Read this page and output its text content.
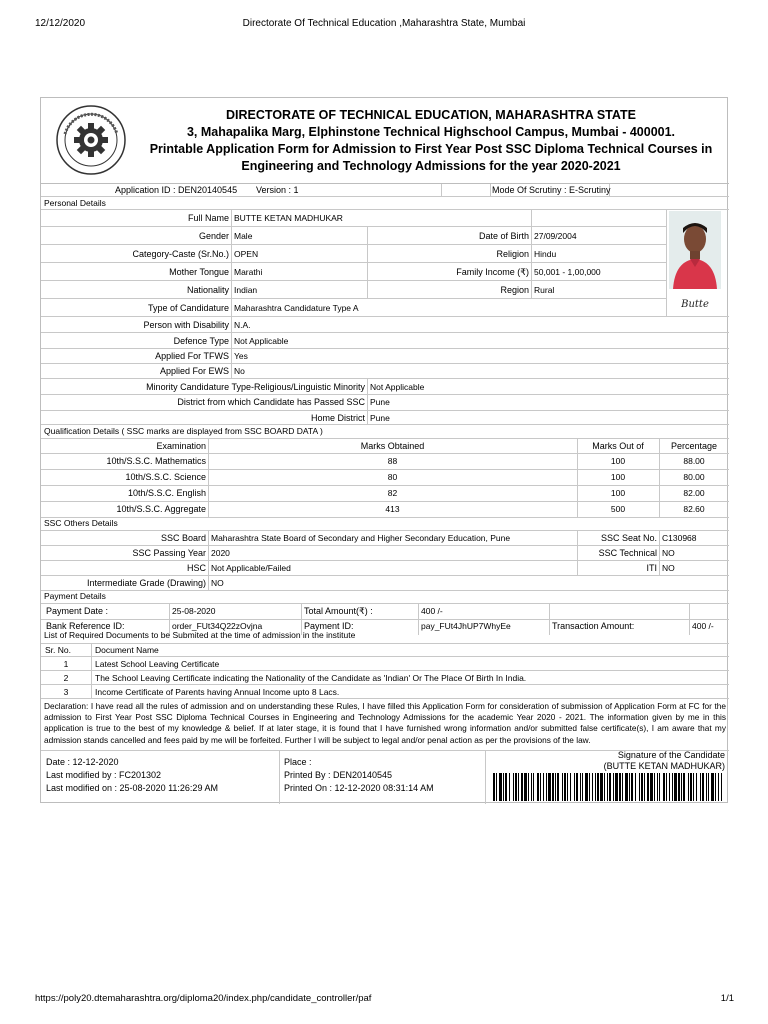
12/12/2020	Directorate Of Technical Education ,Maharashtra State, Mumbai
DIRECTORATE OF TECHNICAL EDUCATION, MAHARASHTRA STATE
3, Mahapalika Marg, Elphinstone Technical Highschool Campus, Mumbai - 400001.
Printable Application Form for Admission to First Year Post SSC Diploma Technical Courses in
Engineering and Technology Admissions for the year 2020-2021
Application ID : DEN20140545 Version : 1	Mode Of Scrutiny : E-Scrutiny
Personal Details
Full Name BUTTE KETAN MADHUKAR
Gender Male	Date of Birth 27/09/2004
Category-Caste (Sr.No.) OPEN	Religion Hindu
Mother Tongue Marathi	Family Income (₹) 50,001 - 1,00,000
Nationality Indian	Region Rural
Type of Candidature Maharashtra Candidature Type A
Person with Disability N.A.
Defence Type Not Applicable
Applied For TFWS Yes
Applied For EWS No
Minority Candidature Type-Religious/Linguistic Minority Not Applicable
District from which Candidate has Passed SSC Pune
Home District Pune
Butte
Qualification Details ( SSC marks are displayed from SSC BOARD DATA )
Examination	Marks Obtained	Marks Out of	Percentage
10th/S.S.C. Mathematics	88	100	88.00
10th/S.S.C. Science	80	100	80.00
10th/S.S.C. English	82	100	82.00
10th/S.S.C. Aggregate	413	500	82.60
SSC Others Details
SSC Board Maharashtra State Board of Secondary and Higher Secondary Education, Pune	SSC Seat No. C130968
SSC Passing Year 2020	SSC Technical NO
HSC Not Applicable/Failed	ITI NO
Intermediate Grade (Drawing) NO
Payment Details
Payment Date :	25-08-2020	Total Amount(₹) :	400 /-
Bank Reference ID:	order_FUt34Q22zOvjna	Payment ID:	pay_FUt4JhUP7WhyEe	Transaction Amount:	400 /-
List of Required Documents to be Submited at the time of admission in the institute
Sr. No.	Document Name
1	Latest School Leaving Certificate
2	The School Leaving Certificate indicating the Nationality of the Candidate as 'Indian' Or The Place Of Birth In India.
3	Income Certificate of Parents having Annual Income upto 8 Lacs.
Declaration: I have read all the rules of admission and on understanding these Rules, I have filled this Application Form for consideration of submission of Application Form at FC for the admission to First Year Post SSC Diploma Technical Courses in Engineering and Technology Admissions for the academic Year 2020 - 2021. The information given by me in this application is true to the best of my knowledge & belief. If at later stage, it is found that I have furnished wrong information and/or submitted false certificate(s), I am aware that my admission stands cancelled and fees paid by me will be forfeited. Further I will be subject to legal and/or penal action as per the provisions of the law.
Date : 12-12-2020
Last modified by : FC201302
Last modified on : 25-08-2020 11:26:29 AM
Place :
Printed By : DEN20140545
Printed On : 12-12-2020 08:31:14 AM
Signature of the Candidate
(BUTTE KETAN MADHUKAR)
https://poly20.dtemaharashtra.org/diploma20/index.php/candidate_controller/paf	1/1
